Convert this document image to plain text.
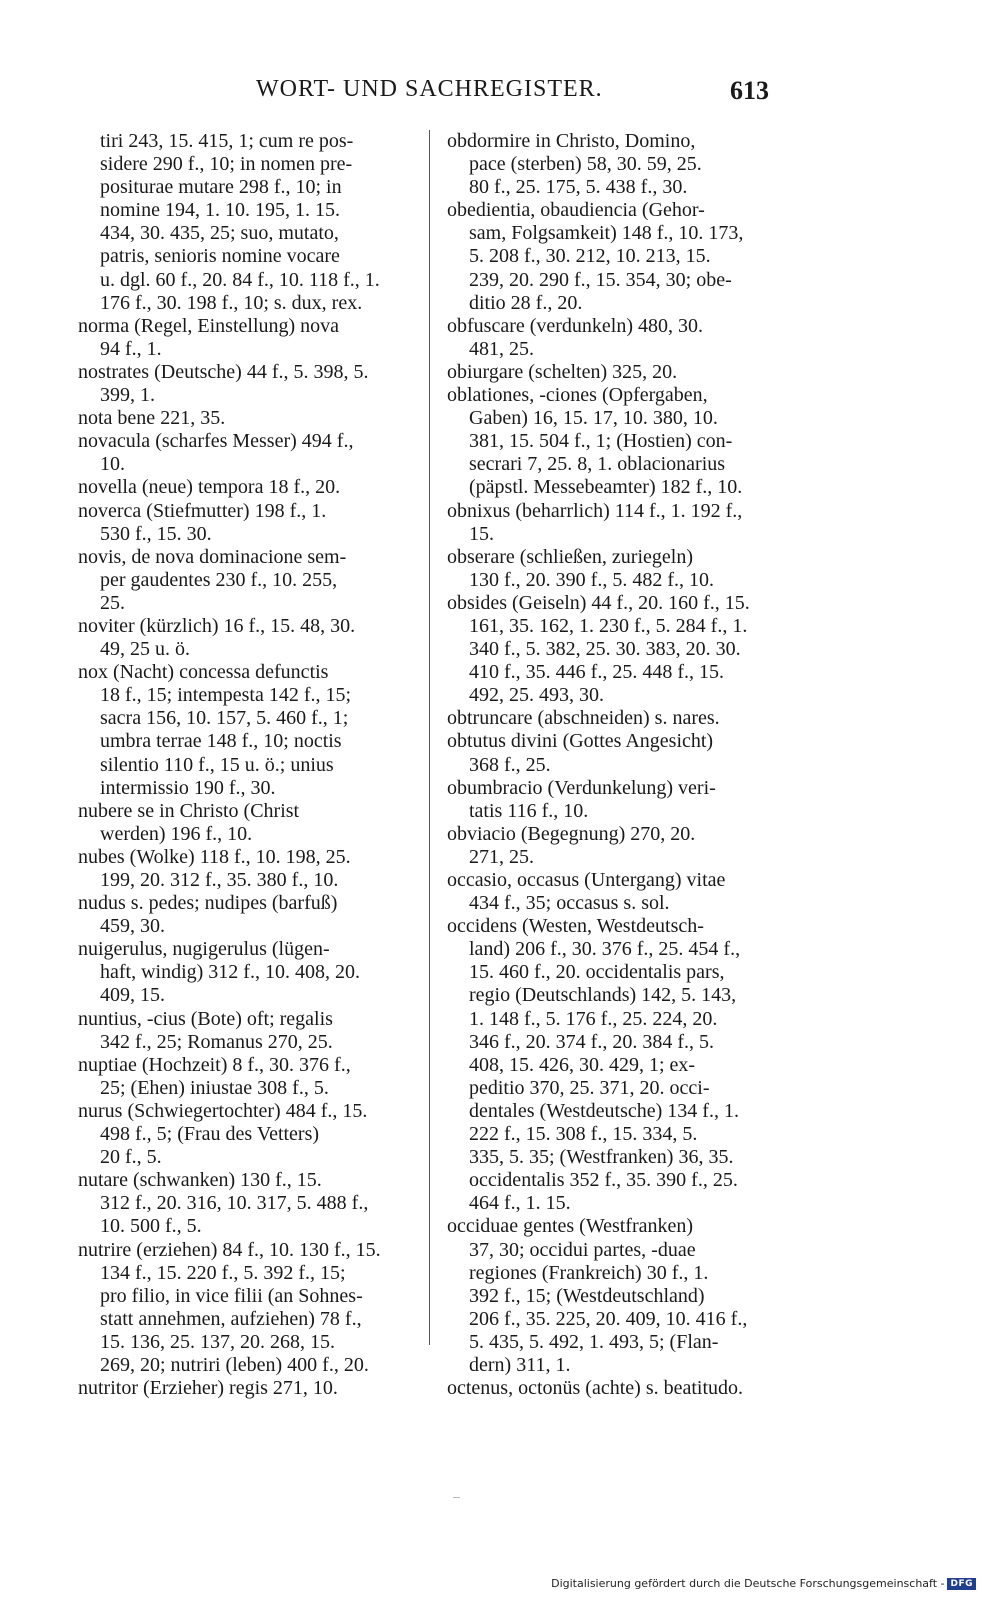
WORT- UND SACHREGISTER.	613
tiri 243, 15. 415, 1; cum re pos-
sidere 290 f., 10; in nomen pre-
positurae mutare 298 f., 10; in
nomine 194, 1. 10. 195, 1. 15.
434, 30. 435, 25; suo, mutato,
patris, senioris nomine vocare
u. dgl. 60 f., 20. 84 f., 10. 118 f., 1.
176 f., 30. 198 f., 10; s. dux, rex.
norma (Regel, Einstellung) nova
94 f., 1.
nostrates (Deutsche) 44 f., 5. 398, 5.
399, 1.
nota bene 221, 35.
novacula (scharfes Messer) 494 f.,
10.
novella (neue) tempora 18 f., 20.
noverca (Stiefmutter) 198 f., 1.
530 f., 15. 30.
novis, de nova dominacione sem-
per gaudentes 230 f., 10. 255,
25.
noviter (kürzlich) 16 f., 15. 48, 30.
49, 25 u. ö.
nox (Nacht) concessa defunctis
18 f., 15; intempesta 142 f., 15;
sacra 156, 10. 157, 5. 460 f., 1;
umbra terrae 148 f., 10; noctis
silentio 110 f., 15 u. ö.; unius
intermissio 190 f., 30.
nubere se in Christo (Christ
werden) 196 f., 10.
nubes (Wolke) 118 f., 10. 198, 25.
199, 20. 312 f., 35. 380 f., 10.
nudus s. pedes; nudipes (barfuß)
459, 30.
nuigerulus, nugigerulus (lügen-
haft, windig) 312 f., 10. 408, 20.
409, 15.
nuntius, -cius (Bote) oft; regalis
342 f., 25; Romanus 270, 25.
nuptiae (Hochzeit) 8 f., 30. 376 f.,
25; (Ehen) iniustae 308 f., 5.
nurus (Schwiegertochter) 484 f., 15.
498 f., 5; (Frau des Vetters)
20 f., 5.
nutare (schwanken) 130 f., 15.
312 f., 20. 316, 10. 317, 5. 488 f.,
10. 500 f., 5.
nutrire (erziehen) 84 f., 10. 130 f., 15.
134 f., 15. 220 f., 5. 392 f., 15;
pro filio, in vice filii (an Sohnes-
statt annehmen, aufziehen) 78 f.,
15. 136, 25. 137, 20. 268, 15.
269, 20; nutriri (leben) 400 f., 20.
nutritor (Erzieher) regis 271, 10.
obdormire in Christo, Domino,
pace (sterben) 58, 30. 59, 25.
80 f., 25. 175, 5. 438 f., 30.
obedientia, obaudiencia (Gehor-
sam, Folgsamkeit) 148 f., 10. 173,
5. 208 f., 30. 212, 10. 213, 15.
239, 20. 290 f., 15. 354, 30; obe-
ditio 28 f., 20.
obfuscare (verdunkeln) 480, 30.
481, 25.
obiurgare (schelten) 325, 20.
oblationes, -ciones (Opfergaben,
Gaben) 16, 15. 17, 10. 380, 10.
381, 15. 504 f., 1; (Hostien) con-
secrari 7, 25. 8, 1. oblacionarius
(päpstl. Messebeamter) 182 f., 10.
obnixus (beharrlich) 114 f., 1. 192 f.,
15.
obserare (schließen, zuriegeln)
130 f., 20. 390 f., 5. 482 f., 10.
obsides (Geiseln) 44 f., 20. 160 f., 15.
161, 35. 162, 1. 230 f., 5. 284 f., 1.
340 f., 5. 382, 25. 30. 383, 20. 30.
410 f., 35. 446 f., 25. 448 f., 15.
492, 25. 493, 30.
obtruncare (abschneiden) s. nares.
obtutus divini (Gottes Angesicht)
368 f., 25.
obumbracio (Verdunkelung) veri-
tatis 116 f., 10.
obviacio (Begegnung) 270, 20.
271, 25.
occasio, occasus (Untergang) vitae
434 f., 35; occasus s. sol.
occidens (Westen, Westdeutsch-
land) 206 f., 30. 376 f., 25. 454 f.,
15. 460 f., 20. occidentalis pars,
regio (Deutschlands) 142, 5. 143,
1. 148 f., 5. 176 f., 25. 224, 20.
346 f., 20. 374 f., 20. 384 f., 5.
408, 15. 426, 30. 429, 1; ex-
peditio 370, 25. 371, 20. occi-
dentales (Westdeutsche) 134 f., 1.
222 f., 15. 308 f., 15. 334, 5.
335, 5. 35; (Westfranken) 36, 35.
occidentalis 352 f., 35. 390 f., 25.
464 f., 1. 15.
occiduae gentes (Westfranken)
37, 30; occidui partes, -duae
regiones (Frankreich) 30 f., 1.
392 f., 15; (Westdeutschland)
206 f., 35. 225, 20. 409, 10. 416 f.,
5. 435, 5. 492, 1. 493, 5; (Flan-
dern) 311, 1.
octenus, octonüs (achte) s. beatitudo.
Digitalisierung gefördert durch die Deutsche Forschungsgemeinschaft - DFG
